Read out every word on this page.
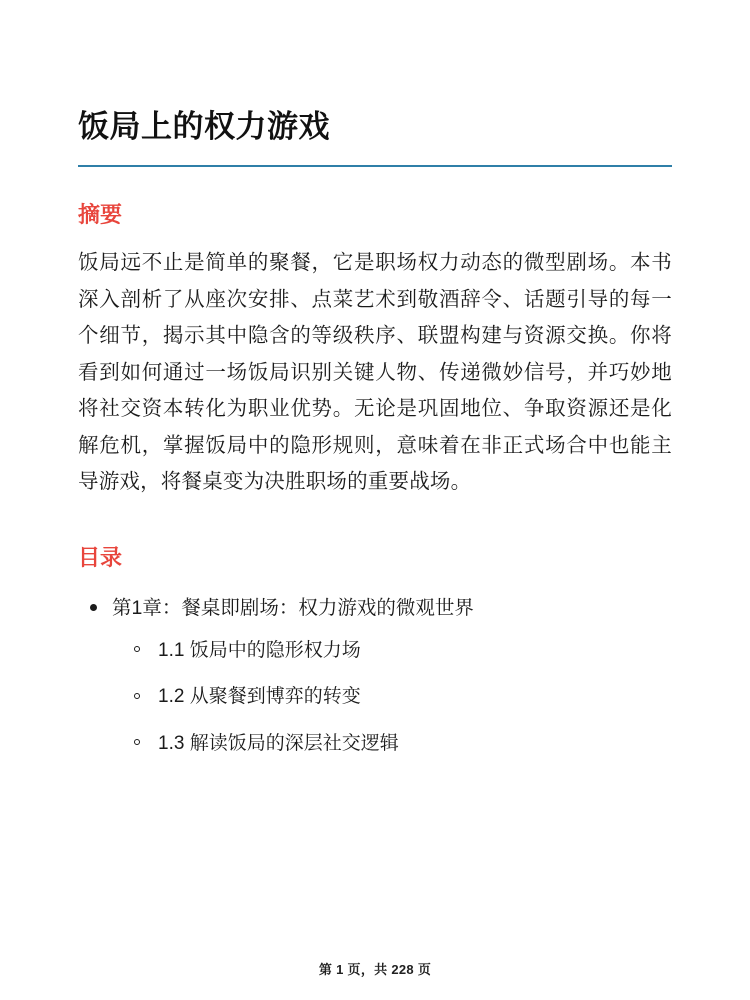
饭局上的权力游戏
摘要

饭局远不止是简单的聚餐，它是职场权力动态的微型剧场。本书深入剖析了从座次安排、点菜艺术到敬酒辞令、话题引导的每一个细节，揭示其中隐含的等级秩序、联盟构建与资源交换。你将看到如何通过一场饭局识别关键人物、传递微妙信号，并巧妙地将社交资本转化为职业优势。无论是巩固地位、争取资源还是化解危机，掌握饭局中的隐形规则，意味着在非正式场合中也能主导游戏，将餐桌变为决胜职场的重要战场。

目录
第1章：餐桌即剧场：权力游戏的微观世界
1.1 饭局中的隐形权力场
1.2 从聚餐到博弈的转变
1.3 解读饭局的深层社交逻辑
第 1 页，共 228 页
